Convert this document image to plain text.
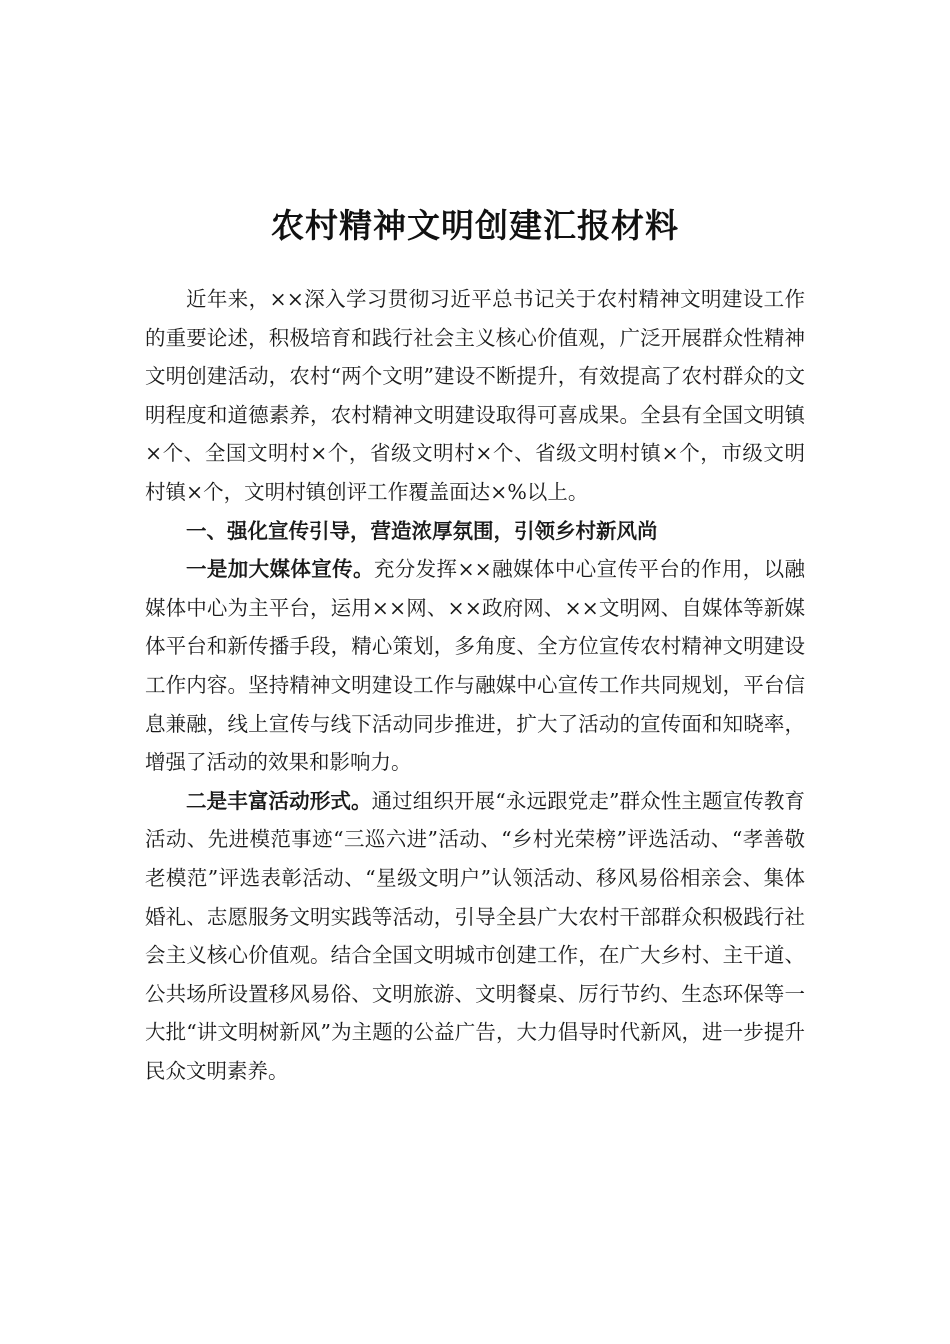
农村精神文明创建汇报材料

近年来，××深入学习贯彻习近平总书记关于农村精神文明建设工作的重要论述，积极培育和践行社会主义核心价值观，广泛开展群众性精神文明创建活动，农村“两个文明”建设不断提升，有效提高了农村群众的文明程度和道德素养，农村精神文明建设取得可喜成果。全县有全国文明镇×个、全国文明村×个，省级文明村×个、省级文明村镇×个，市级文明村镇×个，文明村镇创评工作覆盖面达×%以上。

一、强化宣传引导，营造浓厚氛围，引领乡村新风尚

一是加大媒体宣传。充分发挥××融媒体中心宣传平台的作用，以融媒体中心为主平台，运用××网、××政府网、××文明网、自媒体等新媒体平台和新传播手段，精心策划，多角度、全方位宣传农村精神文明建设工作内容。坚持精神文明建设工作与融媒中心宣传工作共同规划，平台信息兼融，线上宣传与线下活动同步推进，扩大了活动的宣传面和知晓率，增强了活动的效果和影响力。

二是丰富活动形式。通过组织开展“永远跟党走”群众性主题宣传教育活动、先进模范事迹“三巡六进”活动、“乡村光荣榜”评选活动、“孝善敬老模范”评选表彰活动、“星级文明户”认领活动、移风易俗相亲会、集体婚礼、志愿服务文明实践等活动，引导全县广大农村干部群众积极践行社会主义核心价值观。结合全国文明城市创建工作，在广大乡村、主干道、公共场所设置移风易俗、文明旅游、文明餐桌、厉行节约、生态环保等一大批“讲文明树新风”为主题的公益广告，大力倡导时代新风，进一步提升民众文明素养。
